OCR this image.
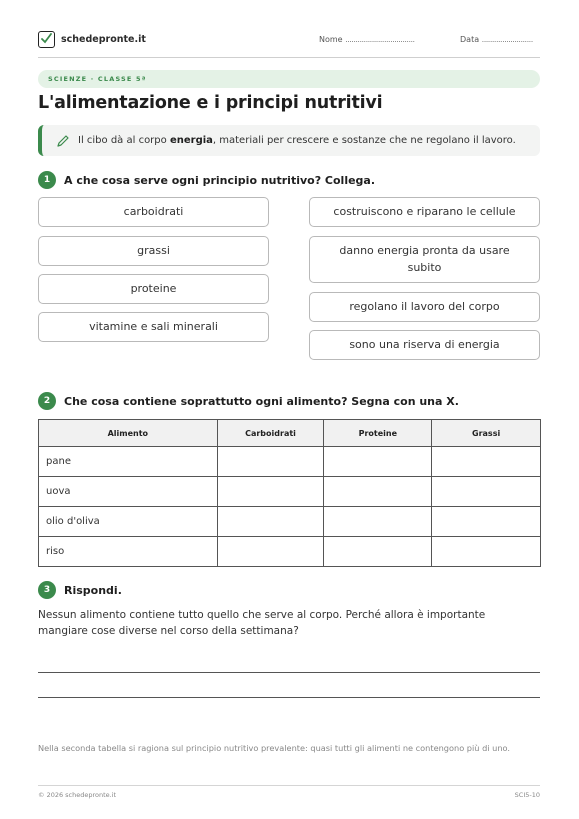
schedepronte.it	Nome ..................................	Data .........................
SCIENZE · CLASSE 5ª
L'alimentazione e i principi nutritivi
Il cibo dà al corpo energia, materiali per crescere e sostanze che ne regolano il lavoro.
1	A che cosa serve ogni principio nutritivo? Collega.
carboidrati
grassi
proteine
vitamine e sali minerali
costruiscono e riparano le cellule
danno energia pronta da usare subito
regolano il lavoro del corpo
sono una riserva di energia
2	Che cosa contiene soprattutto ogni alimento? Segna con una X.
Alimento	Carboidrati	Proteine	Grassi
pane			
uova			
olio d'oliva			
riso			
3	Rispondi.
Nessun alimento contiene tutto quello che serve al corpo. Perché allora è importante mangiare cose diverse nel corso della settimana?
Nella seconda tabella si ragiona sul principio nutritivo prevalente: quasi tutti gli alimenti ne contengono più di uno.
© 2026 schedepronte.it	SCI5-10
